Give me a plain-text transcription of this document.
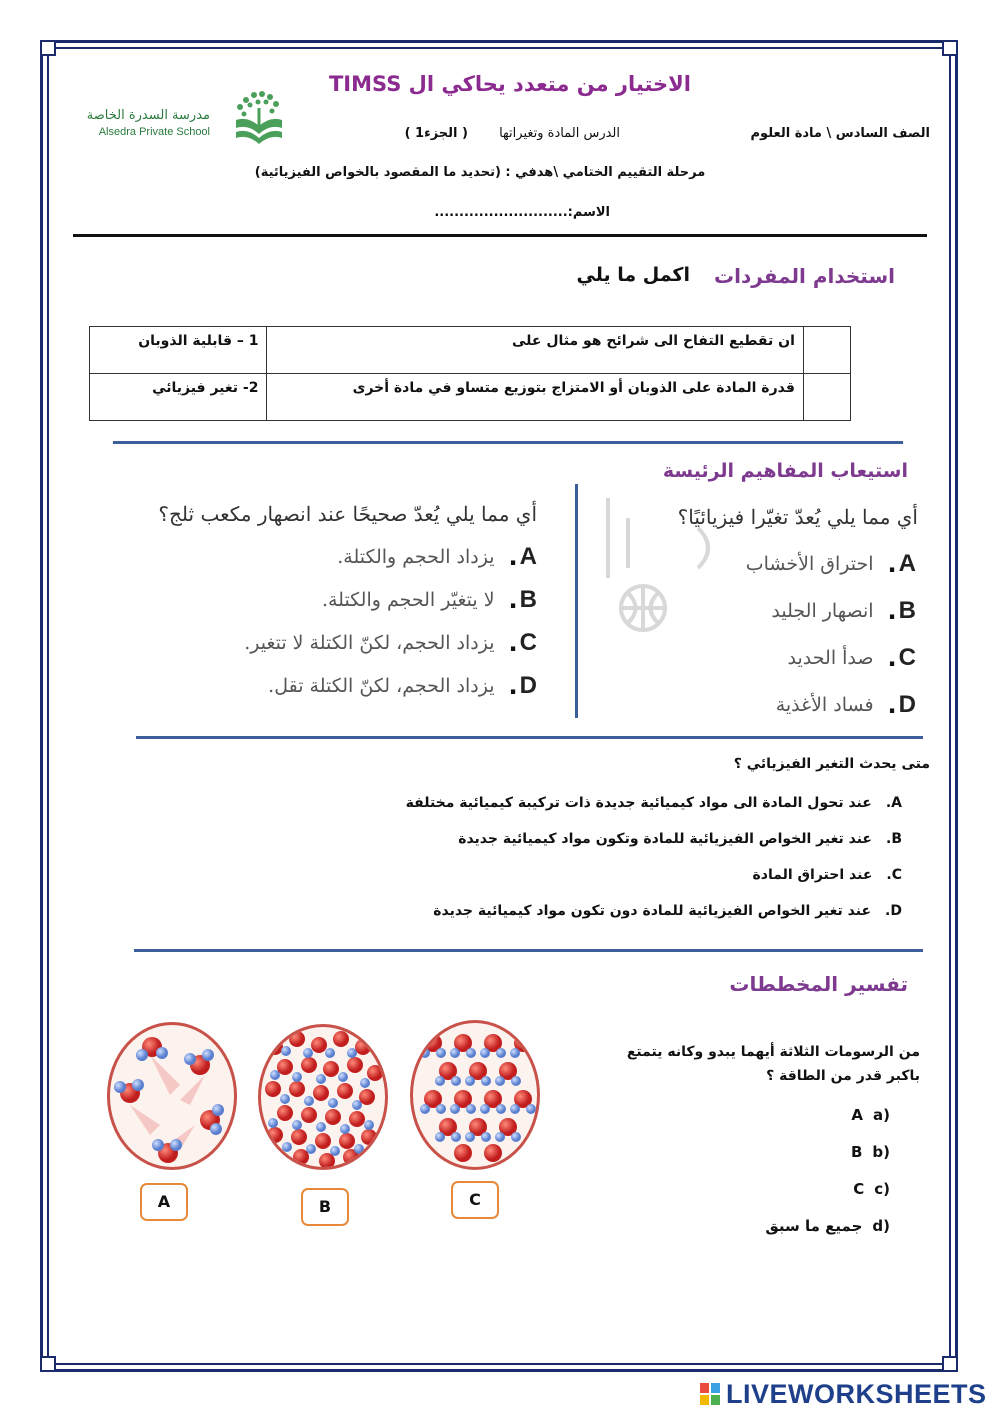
الاختيار من متعدد يحاكي ال TIMSS
مدرسة السدرة الخاصة
Alsedra Private School	الصف السادس \ مادة العلوم
الدرس المادة وتغيراتها
( الجزء1 )
مرحلة التقييم الختامي \هدفي : (تحديد ما المقصود بالخواص الفيزيائية)
الاسم:...........................
استخدام المفردات
اكمل ما يلي
	ان تقطيع التفاح الى شرائح هو مثال على	1 – قابلية الذوبان
	قدرة المادة على الذوبان أو الامتزاج بتوزيع متساو في مادة أخرى	2- تغير فيزيائي
استيعاب المفاهيم الرئيسة
أي مما يلي يُعدّ تغيّرا فيزيائيًا؟
A
.
احتراق الأخشاب
B
.
انصهار الجليد
C
.
صدأ الحديد
D
.
فساد الأغذية
أي مما يلي يُعدّ صحيحًا عند انصهار مكعب ثلج؟
A
.
يزداد الحجم والكتلة.
B
.
لا يتغيّر الحجم والكتلة.
C
.
يزداد الحجم، لكنّ الكتلة لا تتغير.
D
.
يزداد الحجم، لكنّ الكتلة تقل.
متى يحدث التغير الفيزيائي ؟
A.
عند تحول المادة الى مواد كيميائية جديدة ذات تركيبة كيميائية مختلفة
B.
عند تغير الخواص الفيزيائية للمادة وتكون مواد كيميائية جديدة
C.
عند احتراق المادة
D.
عند تغير الخواص الفيزيائية للمادة دون تكون مواد كيميائية جديدة
تفسير المخططات
من الرسومات الثلاثة أيهما يبدو وكانه يتمتع باكبر قدر من الطاقة ؟
(a
A
(b
B
(c
C
(d
جميع ما سبق
A	B	C
LIVEWORKSHEETS
